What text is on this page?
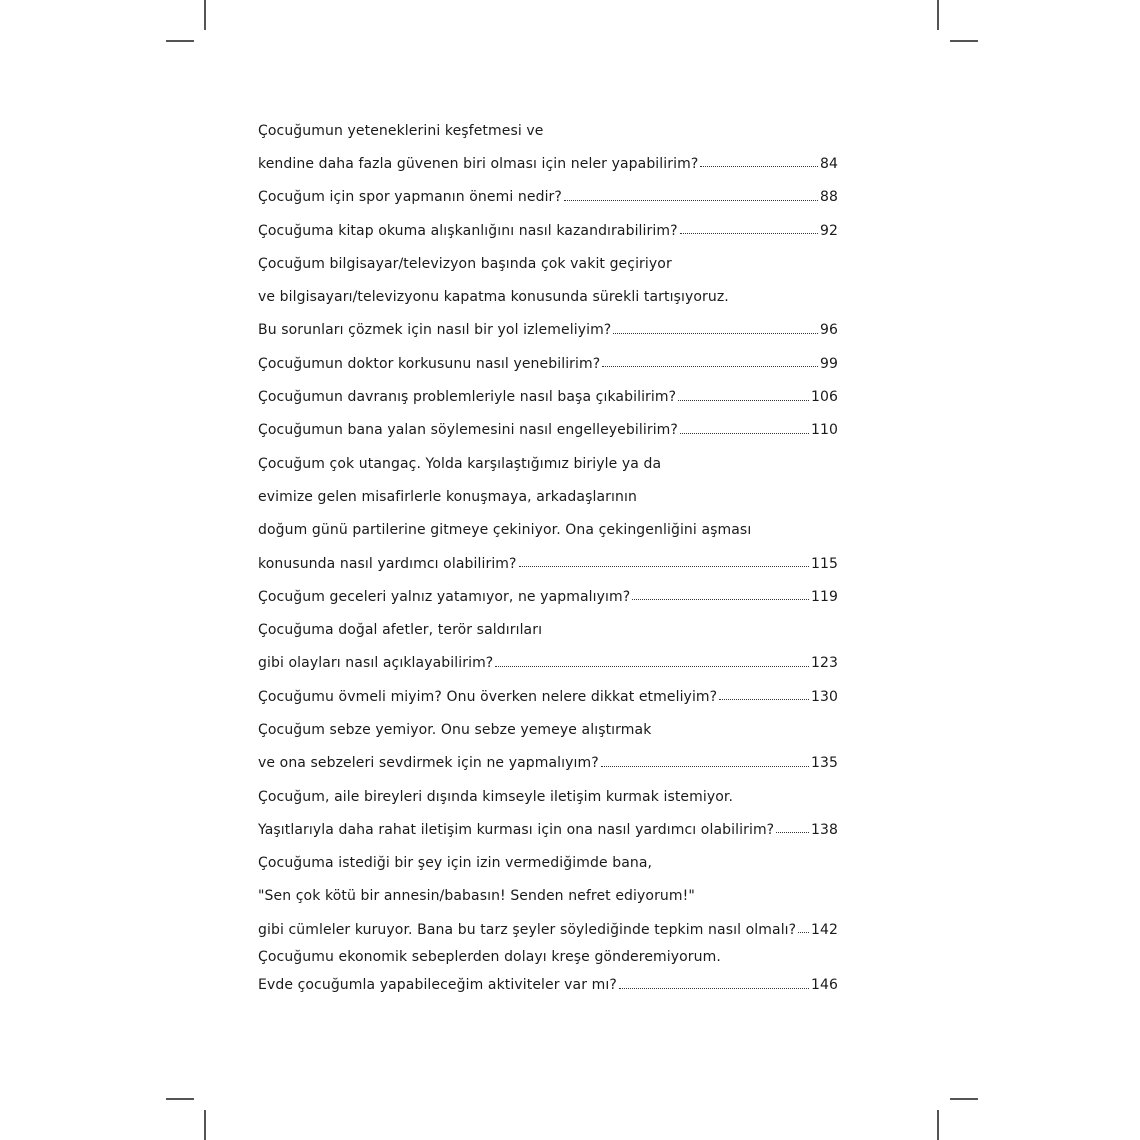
Çocuğumun yeteneklerini keşfetmesi ve
kendine daha fazla güvenen biri olması için neler yapabilirim?	84
Çocuğum için spor yapmanın önemi nedir?	88
Çocuğuma kitap okuma alışkanlığını nasıl kazandırabilirim?	92
Çocuğum bilgisayar/televizyon başında çok vakit geçiriyor
ve bilgisayarı/televizyonu kapatma konusunda sürekli tartışıyoruz.
Bu sorunları çözmek için nasıl bir yol izlemeliyim?	96
Çocuğumun doktor korkusunu nasıl yenebilirim?	99
Çocuğumun davranış problemleriyle nasıl başa çıkabilirim?	106
Çocuğumun bana yalan söylemesini nasıl engelleyebilirim?	110
Çocuğum çok utangaç. Yolda karşılaştığımız biriyle ya da
evimize gelen misafirlerle konuşmaya, arkadaşlarının
doğum günü partilerine gitmeye çekiniyor. Ona çekingenliğini aşması
konusunda nasıl yardımcı olabilirim?	115
Çocuğum geceleri yalnız yatamıyor, ne yapmalıyım?	119
Çocuğuma doğal afetler, terör saldırıları
gibi olayları nasıl açıklayabilirim?	123
Çocuğumu övmeli miyim? Onu överken nelere dikkat etmeliyim?	130
Çocuğum sebze yemiyor. Onu sebze yemeye alıştırmak
ve ona sebzeleri sevdirmek için ne yapmalıyım?	135
Çocuğum, aile bireyleri dışında kimseyle iletişim kurmak istemiyor.
Yaşıtlarıyla daha rahat iletişim kurması için ona nasıl yardımcı olabilirim?	138
Çocuğuma istediği bir şey için izin vermediğimde bana,
"Sen çok kötü bir annesin/babasın! Senden nefret ediyorum!"
gibi cümleler kuruyor. Bana bu tarz şeyler söylediğinde tepkim nasıl olmalı? 142
Çocuğumu ekonomik sebeplerden dolayı kreşe gönderemiyorum.
Evde çocuğumla yapabileceğim aktiviteler var mı?	146
